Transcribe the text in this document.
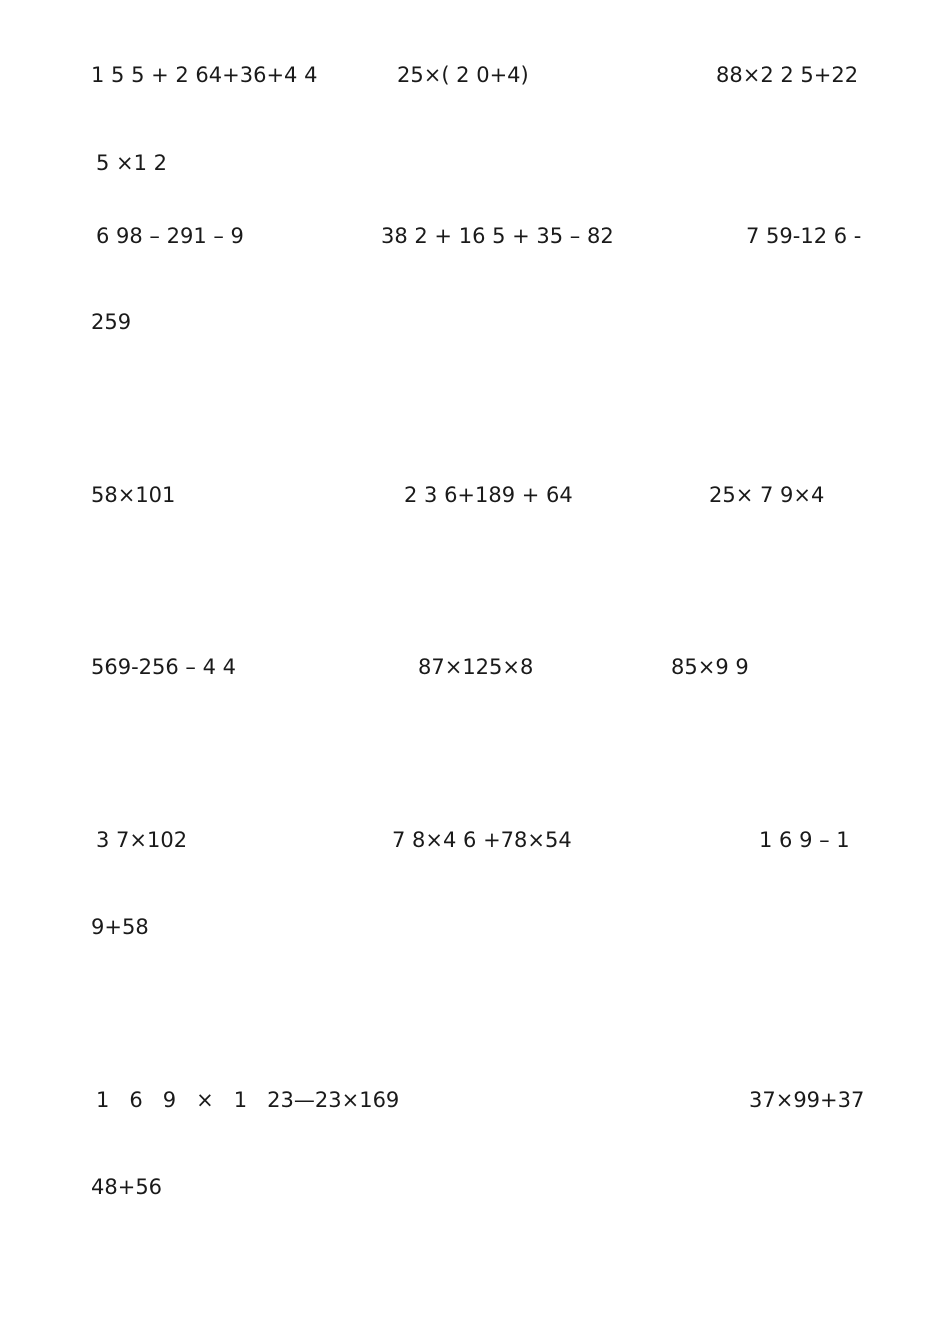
1 5 5 + 2 64+36+4 4	25×( 2 0+4)	88×2 2 5+22
5 ×1 2
6 98 – 291 – 9	38 2 + 16 5 + 35 – 82	7 59-12 6 -
259
58×101	2 3 6+189 + 64	25× 7 9×4
569-256 – 4 4	87×125×8	85×9 9
3 7×102	7 8×4 6 +78×54	1 6 9 – 1
9+58
1   6   9   ×   1   23—23×169	37×99+37
48+56
